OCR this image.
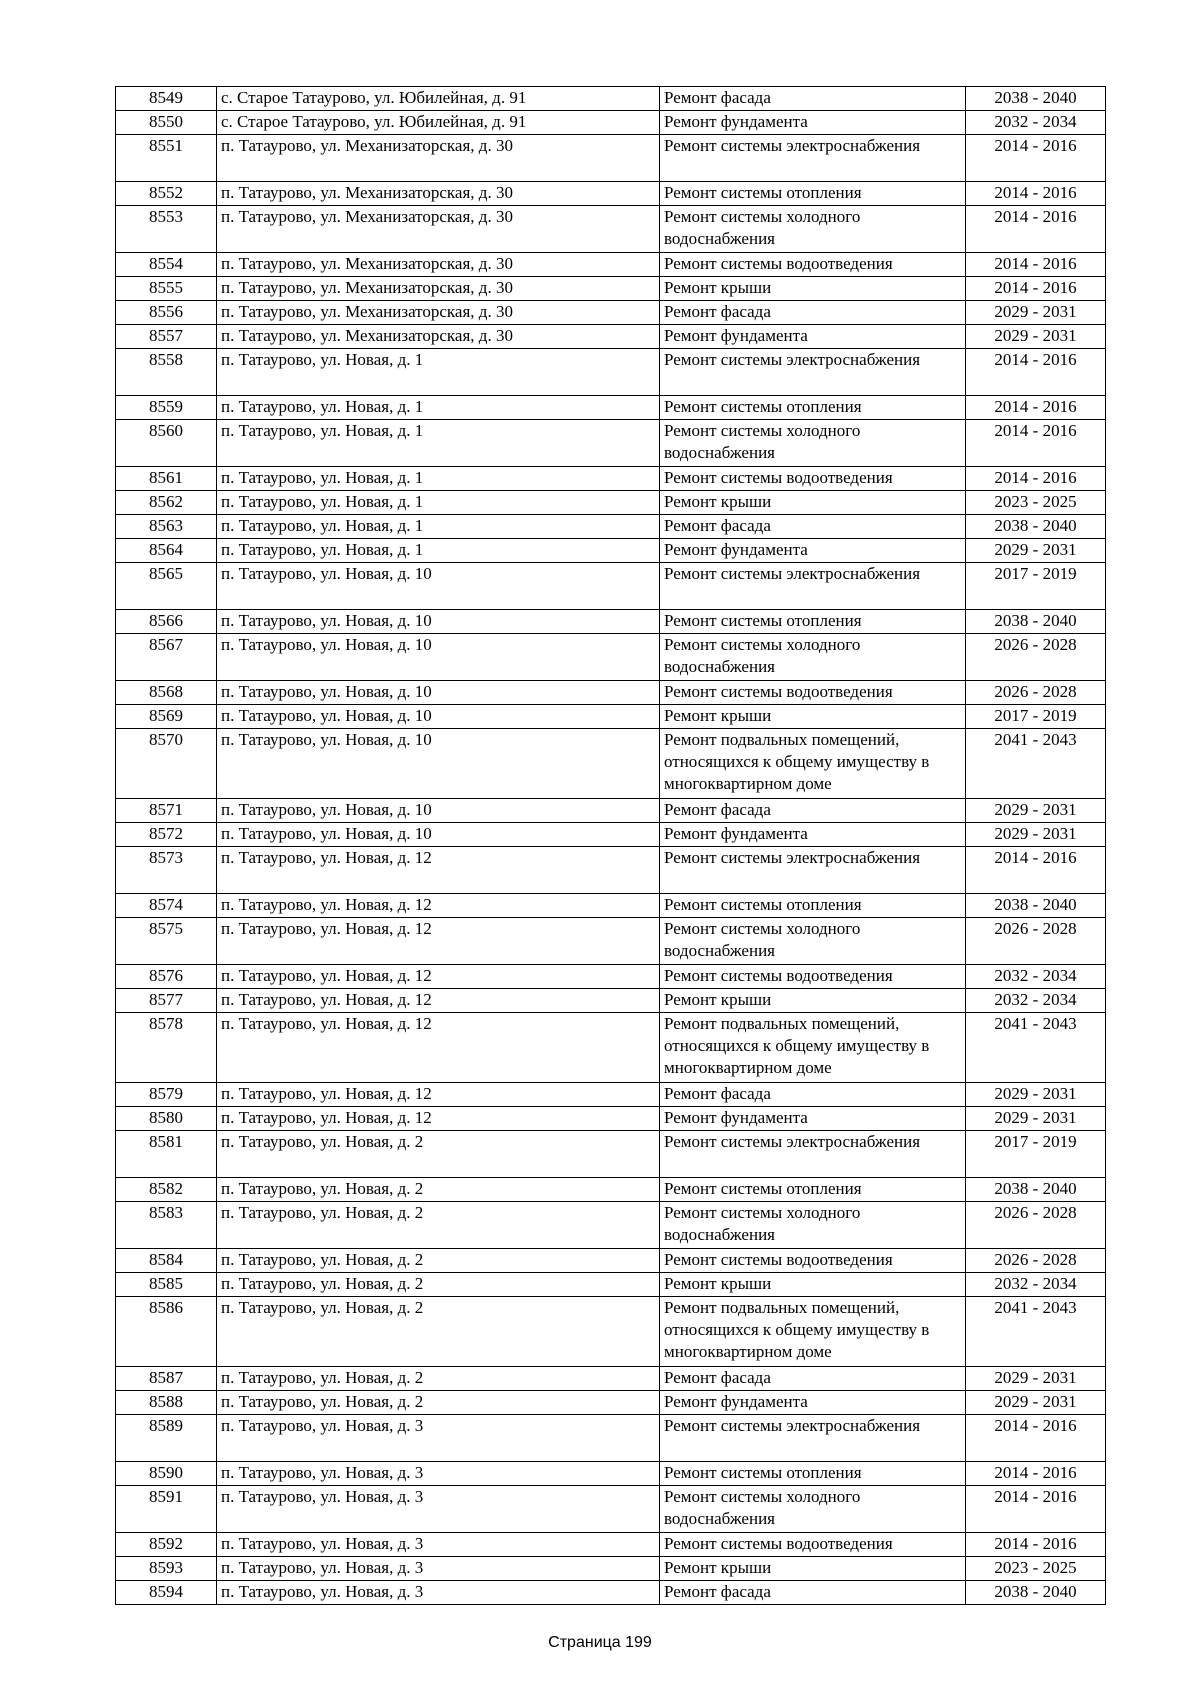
8549	с. Старое Татаурово, ул. Юбилейная, д. 91	Ремонт фасада	2038 - 2040
8550	с. Старое Татаурово, ул. Юбилейная, д. 91	Ремонт фундамента	2032 - 2034
8551	п. Татаурово, ул. Механизаторская, д. 30	Ремонт системы электроснабжения	2014 - 2016
8552	п. Татаурово, ул. Механизаторская, д. 30	Ремонт системы отопления	2014 - 2016
8553	п. Татаурово, ул. Механизаторская, д. 30	Ремонт системы холодного водоснабжения	2014 - 2016
8554	п. Татаурово, ул. Механизаторская, д. 30	Ремонт системы водоотведения	2014 - 2016
8555	п. Татаурово, ул. Механизаторская, д. 30	Ремонт крыши	2014 - 2016
8556	п. Татаурово, ул. Механизаторская, д. 30	Ремонт фасада	2029 - 2031
8557	п. Татаурово, ул. Механизаторская, д. 30	Ремонт фундамента	2029 - 2031
8558	п. Татаурово, ул. Новая, д. 1	Ремонт системы электроснабжения	2014 - 2016
8559	п. Татаурово, ул. Новая, д. 1	Ремонт системы отопления	2014 - 2016
8560	п. Татаурово, ул. Новая, д. 1	Ремонт системы холодного водоснабжения	2014 - 2016
8561	п. Татаурово, ул. Новая, д. 1	Ремонт системы водоотведения	2014 - 2016
8562	п. Татаурово, ул. Новая, д. 1	Ремонт крыши	2023 - 2025
8563	п. Татаурово, ул. Новая, д. 1	Ремонт фасада	2038 - 2040
8564	п. Татаурово, ул. Новая, д. 1	Ремонт фундамента	2029 - 2031
8565	п. Татаурово, ул. Новая, д. 10	Ремонт системы электроснабжения	2017 - 2019
8566	п. Татаурово, ул. Новая, д. 10	Ремонт системы отопления	2038 - 2040
8567	п. Татаурово, ул. Новая, д. 10	Ремонт системы холодного водоснабжения	2026 - 2028
8568	п. Татаурово, ул. Новая, д. 10	Ремонт системы водоотведения	2026 - 2028
8569	п. Татаурово, ул. Новая, д. 10	Ремонт крыши	2017 - 2019
8570	п. Татаурово, ул. Новая, д. 10	Ремонт подвальных помещений, относящихся к общему имуществу в многоквартирном доме	2041 - 2043
8571	п. Татаурово, ул. Новая, д. 10	Ремонт фасада	2029 - 2031
8572	п. Татаурово, ул. Новая, д. 10	Ремонт фундамента	2029 - 2031
8573	п. Татаурово, ул. Новая, д. 12	Ремонт системы электроснабжения	2014 - 2016
8574	п. Татаурово, ул. Новая, д. 12	Ремонт системы отопления	2038 - 2040
8575	п. Татаурово, ул. Новая, д. 12	Ремонт системы холодного водоснабжения	2026 - 2028
8576	п. Татаурово, ул. Новая, д. 12	Ремонт системы водоотведения	2032 - 2034
8577	п. Татаурово, ул. Новая, д. 12	Ремонт крыши	2032 - 2034
8578	п. Татаурово, ул. Новая, д. 12	Ремонт подвальных помещений, относящихся к общему имуществу в многоквартирном доме	2041 - 2043
8579	п. Татаурово, ул. Новая, д. 12	Ремонт фасада	2029 - 2031
8580	п. Татаурово, ул. Новая, д. 12	Ремонт фундамента	2029 - 2031
8581	п. Татаурово, ул. Новая, д. 2	Ремонт системы электроснабжения	2017 - 2019
8582	п. Татаурово, ул. Новая, д. 2	Ремонт системы отопления	2038 - 2040
8583	п. Татаурово, ул. Новая, д. 2	Ремонт системы холодного водоснабжения	2026 - 2028
8584	п. Татаурово, ул. Новая, д. 2	Ремонт системы водоотведения	2026 - 2028
8585	п. Татаурово, ул. Новая, д. 2	Ремонт крыши	2032 - 2034
8586	п. Татаурово, ул. Новая, д. 2	Ремонт подвальных помещений, относящихся к общему имуществу в многоквартирном доме	2041 - 2043
8587	п. Татаурово, ул. Новая, д. 2	Ремонт фасада	2029 - 2031
8588	п. Татаурово, ул. Новая, д. 2	Ремонт фундамента	2029 - 2031
8589	п. Татаурово, ул. Новая, д. 3	Ремонт системы электроснабжения	2014 - 2016
8590	п. Татаурово, ул. Новая, д. 3	Ремонт системы отопления	2014 - 2016
8591	п. Татаурово, ул. Новая, д. 3	Ремонт системы холодного водоснабжения	2014 - 2016
8592	п. Татаурово, ул. Новая, д. 3	Ремонт системы водоотведения	2014 - 2016
8593	п. Татаурово, ул. Новая, д. 3	Ремонт крыши	2023 - 2025
8594	п. Татаурово, ул. Новая, д. 3	Ремонт фасада	2038 - 2040
Страница 199
